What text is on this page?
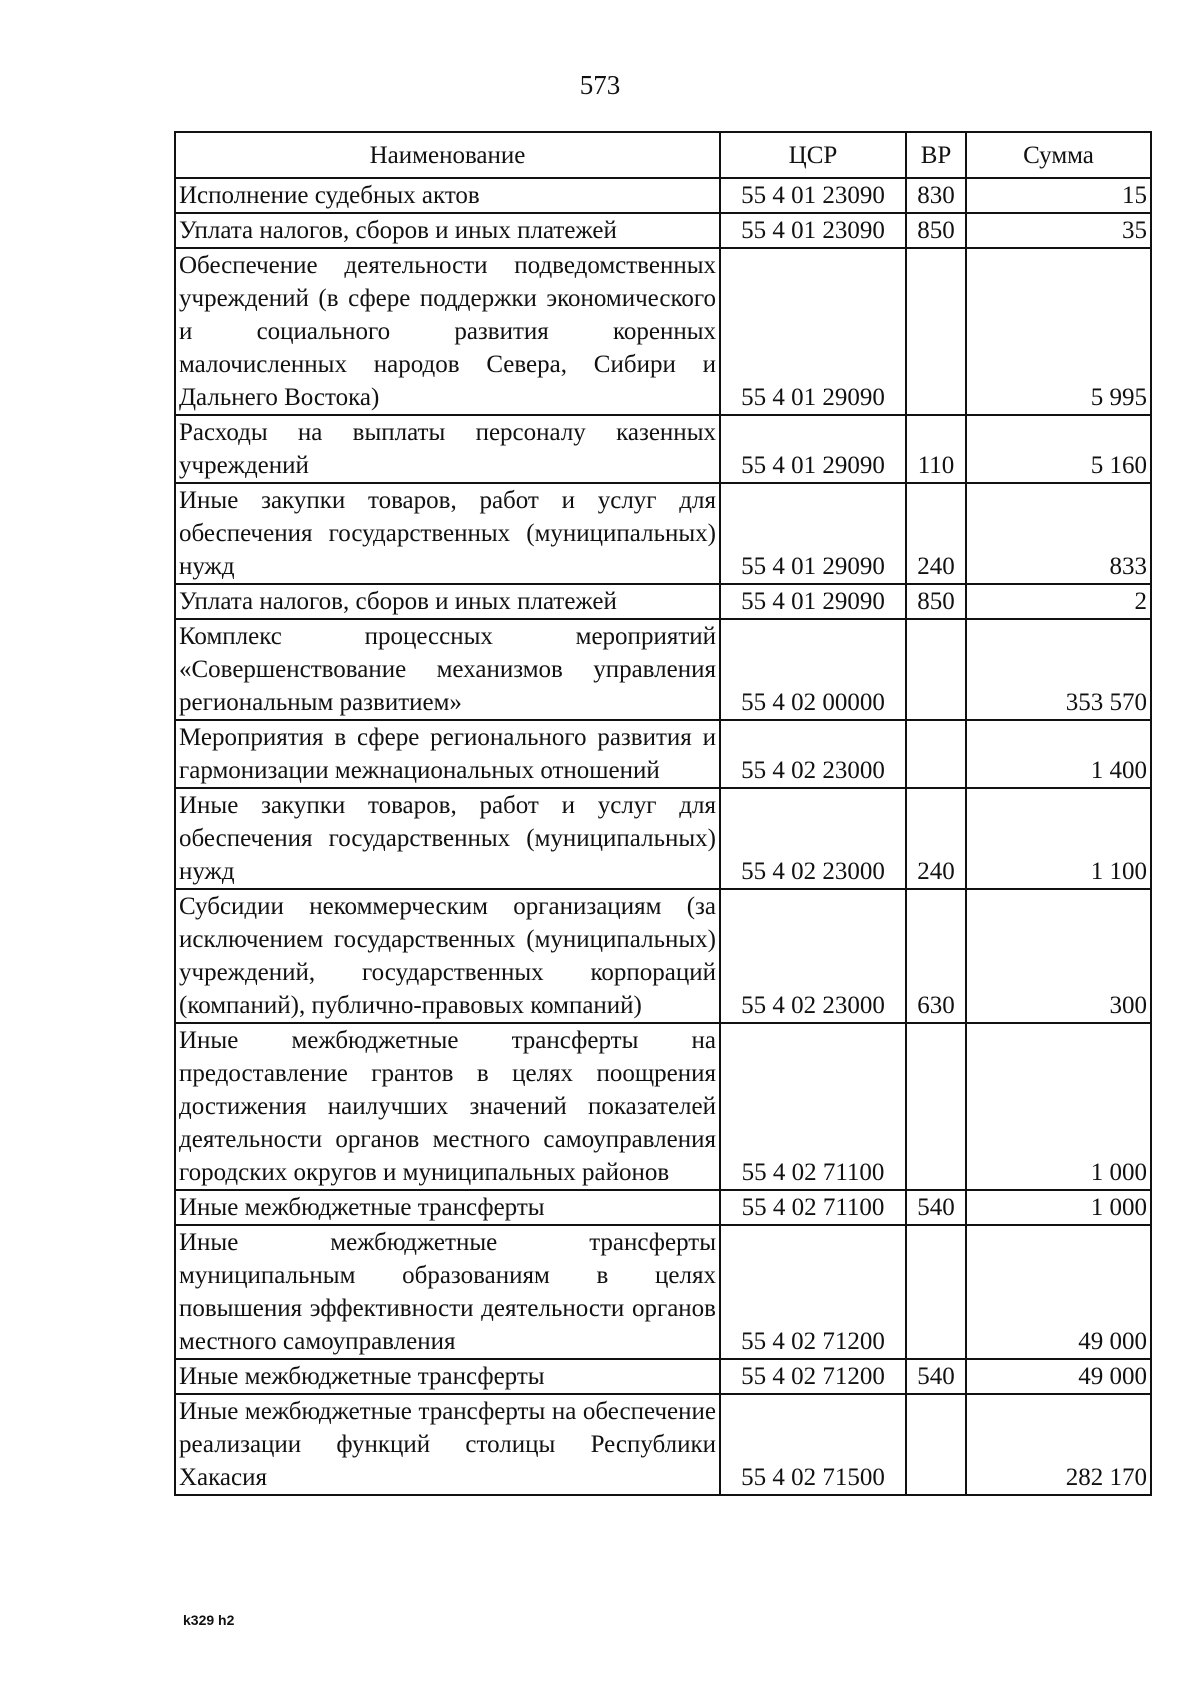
573
Наименование	ЦСР	ВР	Сумма
Исполнение судебных актов	55 4 01 23090	830	15
Уплата налогов, сборов и иных платежей	55 4 01 23090	850	35
Обеспечение деятельности подведомственных учреждений (в сфере поддержки экономического и социального развития коренных малочисленных народов Севера, Сибири и Дальнего Востока)	55 4 01 29090		5 995
Расходы на выплаты персоналу казенных учреждений	55 4 01 29090	110	5 160
Иные закупки товаров, работ и услуг для обеспечения государственных (муниципальных) нужд	55 4 01 29090	240	833
Уплата налогов, сборов и иных платежей	55 4 01 29090	850	2
Комплекс процессных мероприятий «Совершенствование механизмов управления региональным развитием»	55 4 02 00000		353 570
Мероприятия в сфере регионального развития и гармонизации межнациональных отношений	55 4 02 23000		1 400
Иные закупки товаров, работ и услуг для обеспечения государственных (муниципальных) нужд	55 4 02 23000	240	1 100
Субсидии некоммерческим организациям (за исключением государственных (муниципальных) учреждений, государственных корпораций (компаний), публично-правовых компаний)	55 4 02 23000	630	300
Иные межбюджетные трансферты на предоставление грантов в целях поощрения достижения наилучших значений показателей деятельности органов местного самоуправления городских округов и муниципальных районов	55 4 02 71100		1 000
Иные межбюджетные трансферты	55 4 02 71100	540	1 000
Иные межбюджетные трансферты муниципальным образованиям в целях повышения эффективности деятельности органов местного самоуправления	55 4 02 71200		49 000
Иные межбюджетные трансферты	55 4 02 71200	540	49 000
Иные межбюджетные трансферты на обеспечение реализации функций столицы Республики Хакасия	55 4 02 71500		282 170
k329 h2
